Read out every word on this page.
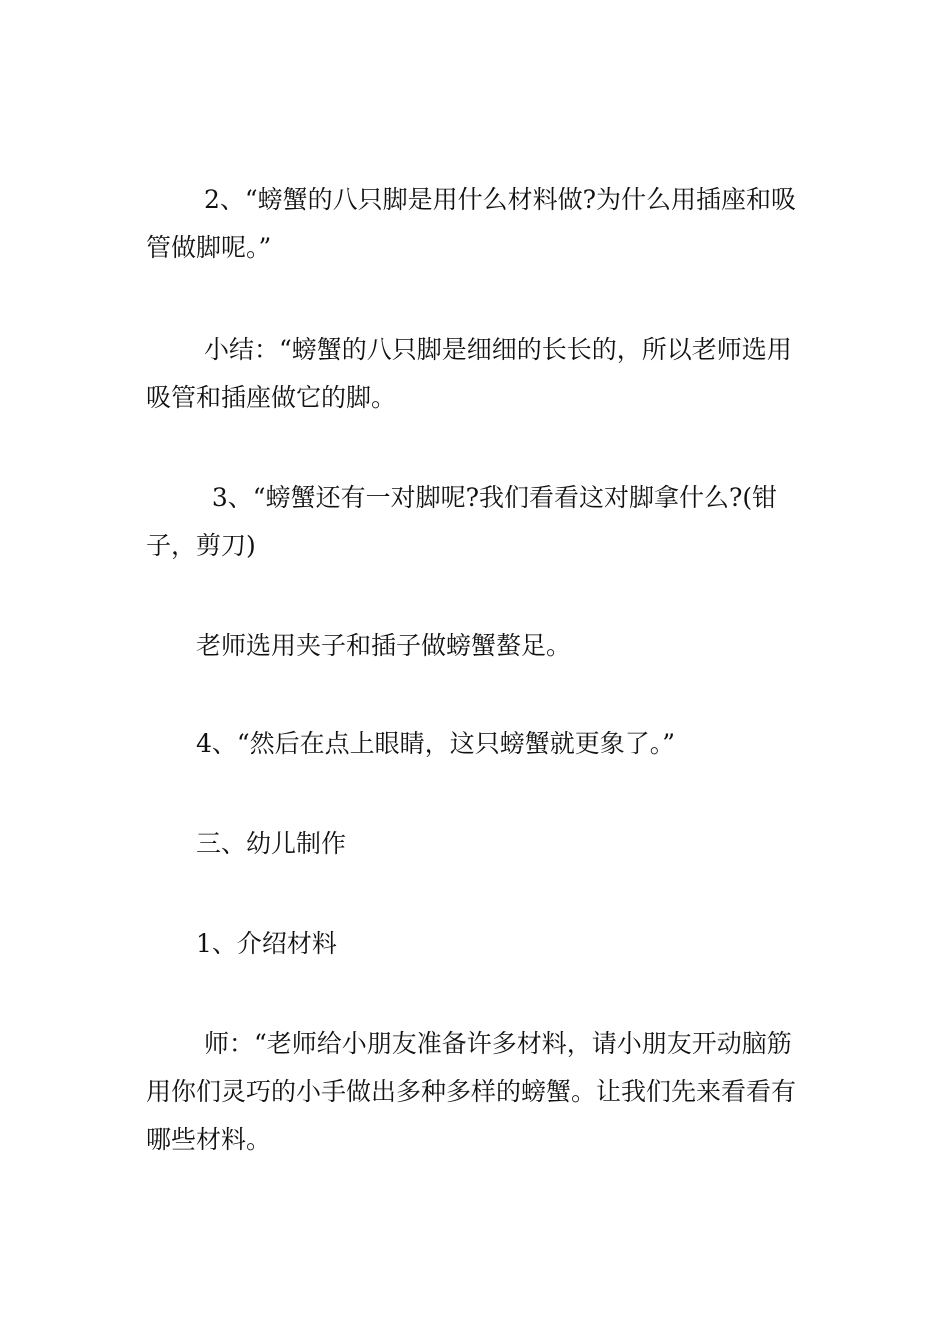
　　 2、“螃蟹的八只脚是用什么材料做?为什么用插座和吸管做脚呢。”

　　 小结：“螃蟹的八只脚是细细的长长的，所以老师选用吸管和插座做它的脚。

　　  3、“螃蟹还有一对脚呢?我们看看这对脚拿什么?(钳子，剪刀)

　　老师选用夹子和插子做螃蟹螯足。

　　4、“然后在点上眼睛，这只螃蟹就更象了。”

　　三、幼儿制作

　　1、介绍材料

　　 师：“老师给小朋友准备许多材料，请小朋友开动脑筋用你们灵巧的小手做出多种多样的螃蟹。让我们先来看看有哪些材料。
